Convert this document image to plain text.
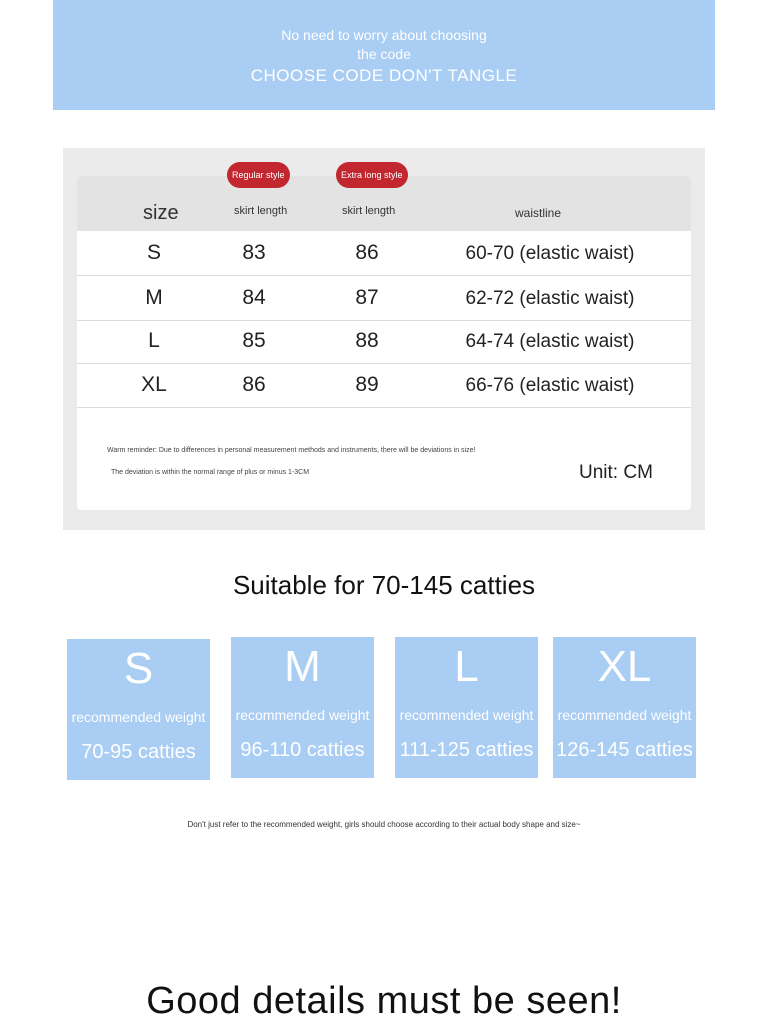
No need to worry about choosing
the code
CHOOSE CODE DON'T TANGLE
size	skirt length	skirt length	waistline
S	83	86	60-70 (elastic waist)
M	84	87	62-72 (elastic waist)
L	85	88	64-74 (elastic waist)
XL	86	89	66-76 (elastic waist)
Warm reminder: Due to differences in personal measurement methods and instruments, there will be deviations in size!
The deviation is within the normal range of plus or minus 1-3CM	Unit: CM
Regular style	Extra long style
Suitable for 70-145 catties
S
recommended weight
70-95 catties
M
recommended weight
96-110 catties
L
recommended weight
111-125 catties
XL
recommended weight
126-145 catties
Don't just refer to the recommended weight, girls should choose according to their actual body shape and size~
Good details must be seen!
